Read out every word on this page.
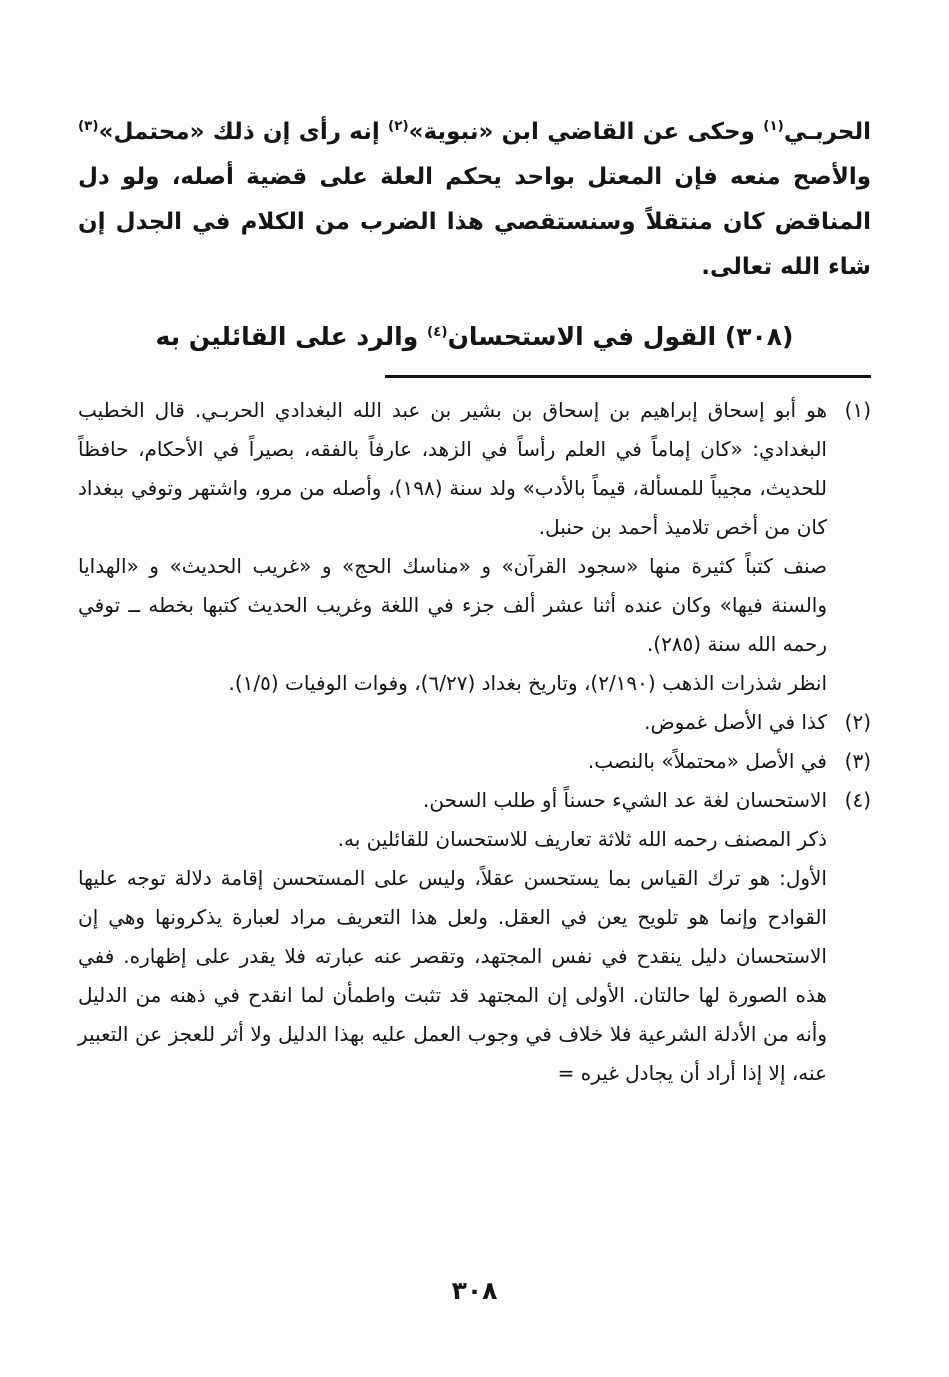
الحربـي$^{(١)}$ وحكى عن القاضي ابن «نبوية»$^{(٢)}$ إنه رأى إن ذلك «محتمل»$^{(٣)}$ والأصح منعه فإن المعتل بواحد يحكم العلة على قضية أصله، ولو دل المناقض كان منتقلاً وسنستقصي هذا الضرب من الكلام في الجدل إن شاء الله تعالى.

(٣٠٨) القول في الاستحسان$^{(٤)}$ والرد على القائلين به
(١)

هو أبو إسحاق إبراهيم بن إسحاق بن بشير بن عبد الله البغدادي الحربـي. قال الخطيب البغدادي: «كان إماماً في العلم رأساً في الزهد، عارفاً بالفقه، بصيراً في الأحكام، حافظاً للحديث، مجيباً للمسألة، قيماً بالأدب» ولد سنة (١٩٨)، وأصله من مرو، واشتهر وتوفي ببغداد كان من أخص تلاميذ أحمد بن حنبل.

صنف كتباً كثيرة منها «سجود القرآن» و «مناسك الحج» و «غريب الحديث» و «الهدايا والسنة فيها» وكان عنده أثنا عشر ألف جزء في اللغة وغريب الحديث كتبها بخطه ــ توفي رحمه الله سنة (٢٨٥).

انظر شذرات الذهب (٢/١٩٠)، وتاريخ بغداد (٦/٢٧)، وفوات الوفيات (١/٥).

(٢)

كذا في الأصل غموض.

(٣)

في الأصل «محتملاً» بالنصب.

(٤)

الاستحسان لغة عد الشيء حسناً أو طلب السحن.

ذكر المصنف رحمه الله ثلاثة تعاريف للاستحسان للقائلين به.

الأول: هو ترك القياس بما يستحسن عقلاً، وليس على المستحسن إقامة دلالة توجه عليها القوادح وإنما هو تلويح يعن في العقل. ولعل هذا التعريف مراد لعبارة يذكرونها وهي إن الاستحسان دليل ينقدح في نفس المجتهد، وتقصر عنه عبارته فلا يقدر على إظهاره. ففي هذه الصورة لها حالتان. الأولى إن المجتهد قد تثبت واطمأن لما انقدح في ذهنه من الدليل وأنه من الأدلة الشرعية فلا خلاف في وجوب العمل عليه بهذا الدليل ولا أثر للعجز عن التعبير عنه، إلا إذا أراد أن يجادل غيره =

٣٠٨
